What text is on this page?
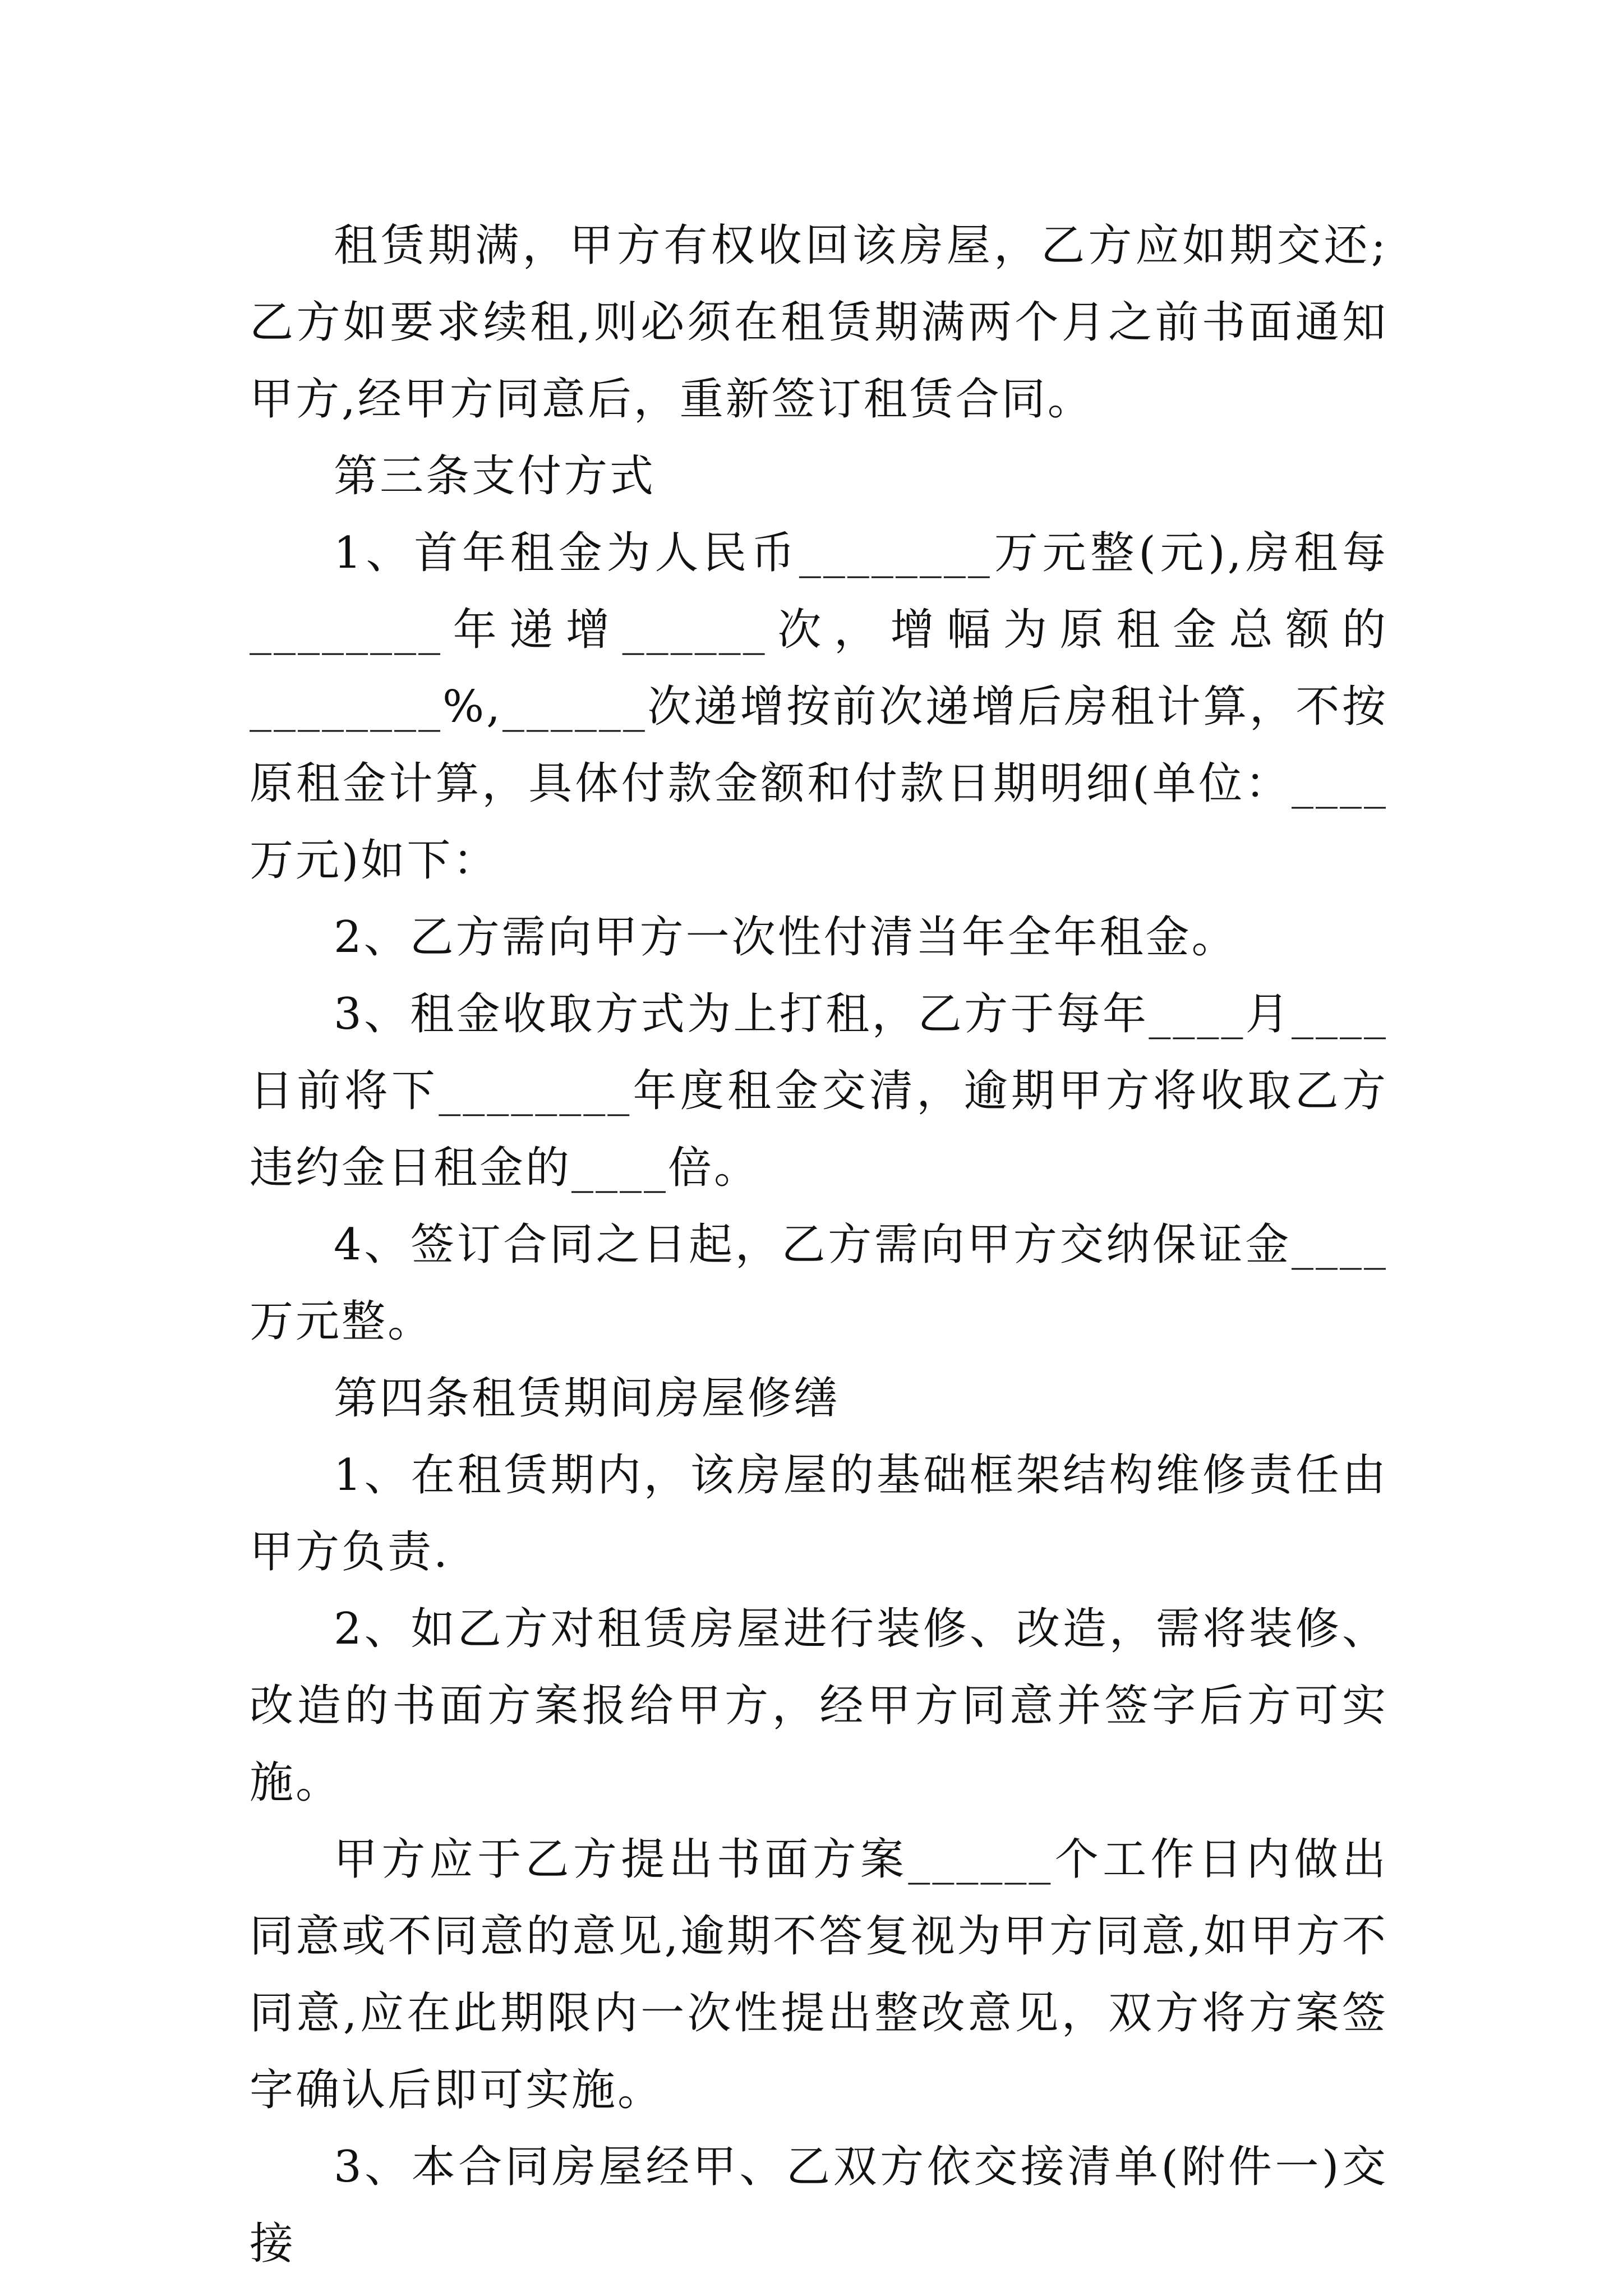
租赁期满，甲方有权收回该房屋，乙方应如期交还;乙方如要求续租,则必须在租赁期满两个月之前书面通知甲方,经甲方同意后，重新签订租赁合同。

第三条支付方式

1、首年租金为人民币________万元整(元),房租每________年递增______次，增幅为原租金总额的________%,______次递增按前次递增后房租计算，不按原租金计算，具体付款金额和付款日期明细(单位：____万元)如下：

2、乙方需向甲方一次性付清当年全年租金。

3、租金收取方式为上打租，乙方于每年____月____日前将下________年度租金交清，逾期甲方将收取乙方违约金日租金的____倍。

4、签订合同之日起，乙方需向甲方交纳保证金____万元整。

第四条租赁期间房屋修缮

1、在租赁期内，该房屋的基础框架结构维修责任由甲方负责.

2、如乙方对租赁房屋进行装修、改造，需将装修、改造的书面方案报给甲方，经甲方同意并签字后方可实施。

甲方应于乙方提出书面方案______个工作日内做出同意或不同意的意见,逾期不答复视为甲方同意,如甲方不同意,应在此期限内一次性提出整改意见，双方将方案签字确认后即可实施。

3、本合同房屋经甲、乙双方依交接清单(附件一)交接
